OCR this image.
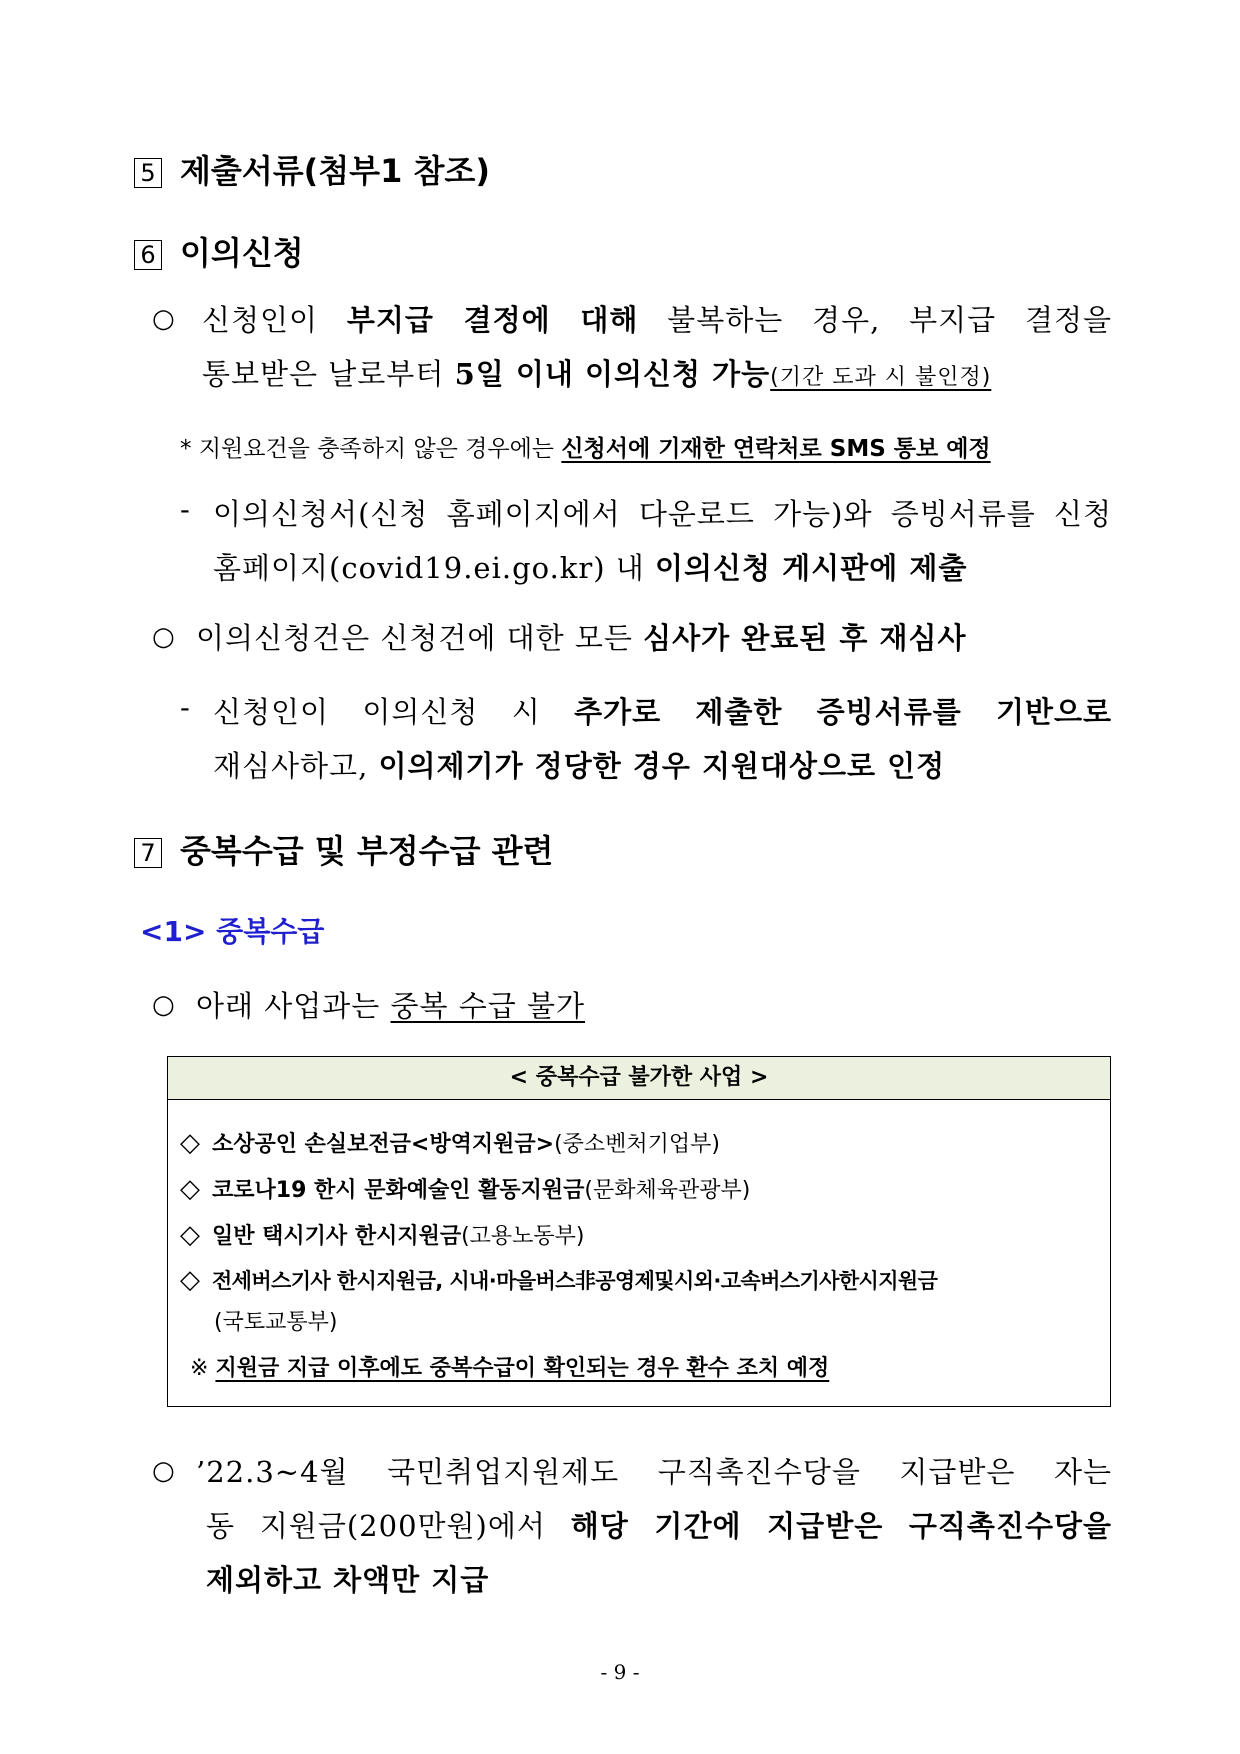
5 제출서류(첨부1 참조)
6 이의신청
○ 신청인이 부지급 결정에 대해 불복하는 경우, 부지급 결정을
통보받은 날로부터 5일 이내 이의신청 가능(기간 도과 시 불인정)
* 지원요건을 충족하지 않은 경우에는 신청서에 기재한 연락처로 SMS 통보 예정
- 이의신청서(신청 홈페이지에서 다운로드 가능)와 증빙서류를 신청
홈페이지(covid19.ei.go.kr) 내 이의신청 게시판에 제출
○ 이의신청건은 신청건에 대한 모든 심사가 완료된 후 재심사
- 신청인이 이의신청 시 추가로 제출한 증빙서류를 기반으로
재심사하고, 이의제기가 정당한 경우 지원대상으로 인정
7 중복수급 및 부정수급 관련
<1> 중복수급
○ 아래 사업과는 중복 수급 불가
< 중복수급 불가한 사업 >
◇ 소상공인 손실보전금<방역지원금>(중소벤처기업부)
◇ 코로나19 한시 문화예술인 활동지원금(문화체육관광부)
◇ 일반 택시기사 한시지원금(고용노동부)
◇ 전세버스기사 한시지원금, 시내·마을버스非공영제및시외·고속버스기사한시지원금
(국토교통부)
※ 지원금 지급 이후에도 중복수급이 확인되는 경우 환수 조치 예정
○ ’22.3~4월 국민취업지원제도 구직촉진수당을 지급받은 자는
동 지원금(200만원)에서 해당 기간에 지급받은 구직촉진수당을
제외하고 차액만 지급
- 9 -
